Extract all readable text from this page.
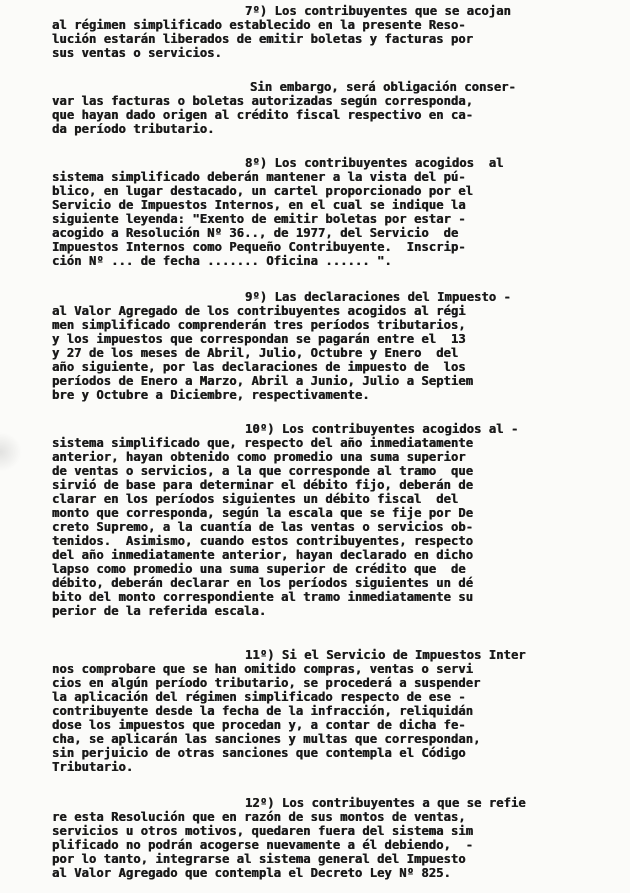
7º) Los contribuyentes que se acojan
al régimen simplificado establecido en la presente Reso-
lución estarán liberados de emitir boletas y facturas por
sus ventas o servicios.
Sin embargo, será obligación conser-
var las facturas o boletas autorizadas según corresponda,
que hayan dado origen al crédito fiscal respectivo en ca-
da período tributario.
8º) Los contribuyentes acogidos  al
sistema simplificado deberán mantener a la vista del pú-
blico, en lugar destacado, un cartel proporcionado por el
Servicio de Impuestos Internos, en el cual se indique la
siguiente leyenda: "Exento de emitir boletas por estar -
acogido a Resolución Nº 36.., de 1977, del Servicio  de
Impuestos Internos como Pequeño Contribuyente.  Inscrip-
ción Nº ... de fecha ....... Oficina ...... ".
9º) Las declaraciones del Impuesto -
al Valor Agregado de los contribuyentes acogidos al régi
men simplificado comprenderán tres períodos tributarios,
y los impuestos que correspondan se pagarán entre el  13
y 27 de los meses de Abril, Julio, Octubre y Enero  del
año siguiente, por las declaraciones de impuesto de  los
períodos de Enero a Marzo, Abril a Junio, Julio a Septiem
bre y Octubre a Diciembre, respectivamente.
10º) Los contribuyentes acogidos al -
sistema simplificado que, respecto del año inmediatamente
anterior, hayan obtenido como promedio una suma superior
de ventas o servicios, a la que corresponde al tramo  que
sirvió de base para determinar el débito fijo, deberán de
clarar en los períodos siguientes un débito fiscal  del
monto que corresponda, según la escala que se fije por De
creto Supremo, a la cuantía de las ventas o servicios ob-
tenidos.  Asimismo, cuando estos contribuyentes, respecto
del año inmediatamente anterior, hayan declarado en dicho
lapso como promedio una suma superior de crédito que  de
débito, deberán declarar en los períodos siguientes un dé
bito del monto correspondiente al tramo inmediatamente su
perior de la referida escala.
11º) Si el Servicio de Impuestos Inter
nos comprobare que se han omitido compras, ventas o servi
cios en algún período tributario, se procederá a suspender
la aplicación del régimen simplificado respecto de ese -
contribuyente desde la fecha de la infracción, reliquidán
dose los impuestos que procedan y, a contar de dicha fe-
cha, se aplicarán las sanciones y multas que correspondan,
sin perjuicio de otras sanciones que contempla el Código
Tributario.
12º) Los contribuyentes a que se refie
re esta Resolución que en razón de sus montos de ventas,
servicios u otros motivos, quedaren fuera del sistema sim
plificado no podrán acogerse nuevamente a él debiendo,  -
por lo tanto, integrarse al sistema general del Impuesto
al Valor Agregado que contempla el Decreto Ley Nº 825.
